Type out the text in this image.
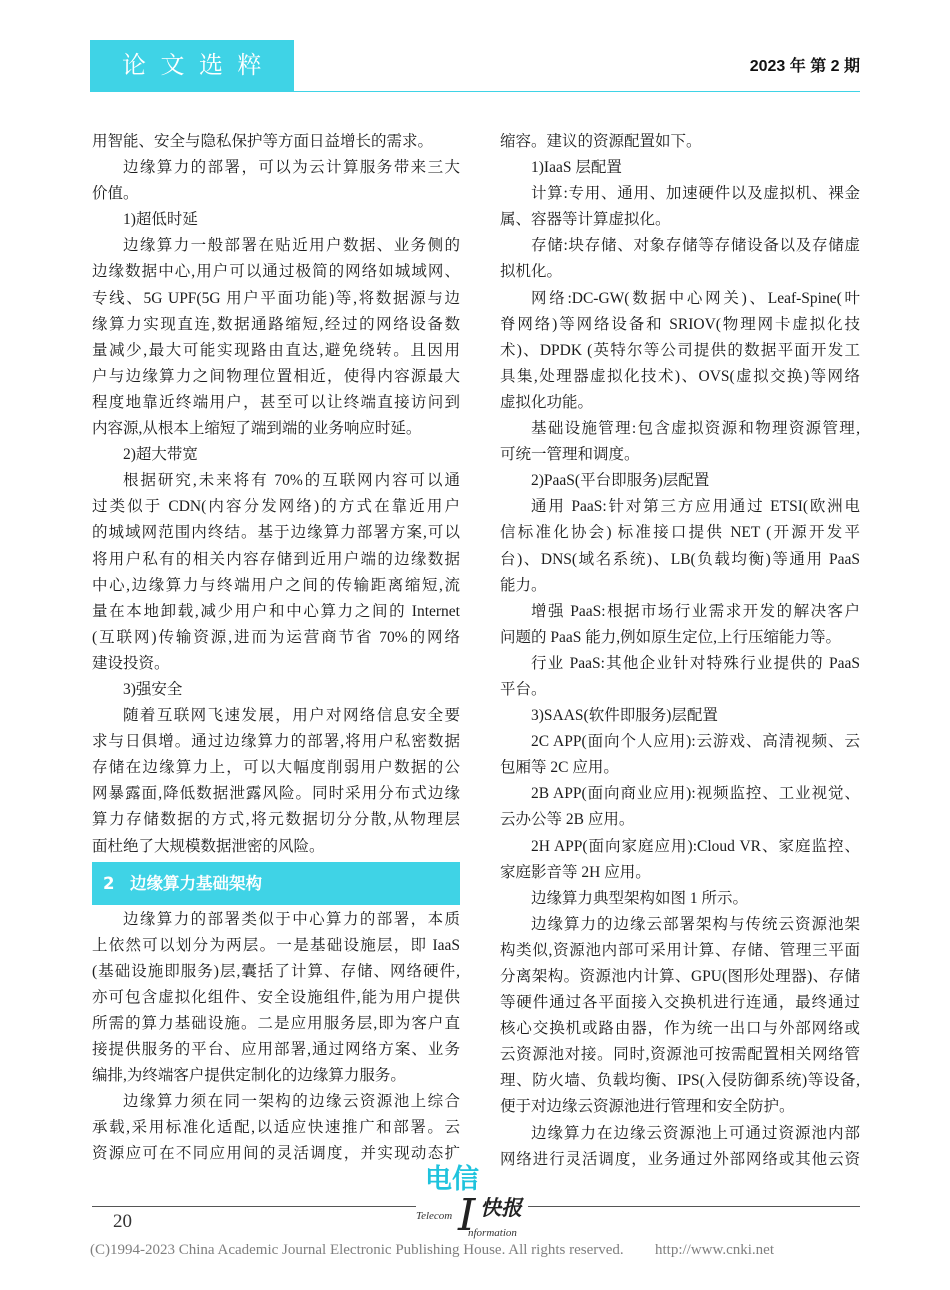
论文选粹	2023 年 第 2 期
用智能、安全与隐私保护等方面日益增长的需求。
边缘算力的部署，可以为云计算服务带来三大
价值。
1)超低时延
边缘算力一般部署在贴近用户数据、业务侧的
边缘数据中心,用户可以通过极简的网络如城域网、
专线、5G UPF(5G 用户平面功能)等,将数据源与边
缘算力实现直连,数据通路缩短,经过的网络设备数
量减少,最大可能实现路由直达,避免绕转。且因用
户与边缘算力之间物理位置相近，使得内容源最大
程度地靠近终端用户，甚至可以让终端直接访问到
内容源,从根本上缩短了端到端的业务响应时延。
2)超大带宽
根据研究,未来将有 70%的互联网内容可以通
过类似于 CDN(内容分发网络)的方式在靠近用户
的城域网范围内终结。基于边缘算力部署方案,可以
将用户私有的相关内容存储到近用户端的边缘数据
中心,边缘算力与终端用户之间的传输距离缩短,流
量在本地卸载,减少用户和中心算力之间的 Internet
(互联网)传输资源,进而为运营商节省 70%的网络
建设投资。
3)强安全
随着互联网飞速发展，用户对网络信息安全要
求与日俱增。通过边缘算力的部署,将用户私密数据
存储在边缘算力上，可以大幅度削弱用户数据的公
网暴露面,降低数据泄露风险。同时采用分布式边缘
算力存储数据的方式,将元数据切分分散,从物理层
面杜绝了大规模数据泄密的风险。
2 边缘算力基础架构
边缘算力的部署类似于中心算力的部署，本质
上依然可以划分为两层。一是基础设施层，即 IaaS
(基础设施即服务)层,囊括了计算、存储、网络硬件,
亦可包含虚拟化组件、安全设施组件,能为用户提供
所需的算力基础设施。二是应用服务层,即为客户直
接提供服务的平台、应用部署,通过网络方案、业务
编排,为终端客户提供定制化的边缘算力服务。
边缘算力须在同一架构的边缘云资源池上综合
承载,采用标准化适配,以适应快速推广和部署。云
资源应可在不同应用间的灵活调度，并实现动态扩
缩容。建议的资源配置如下。
1)IaaS 层配置
计算:专用、通用、加速硬件以及虚拟机、裸金
属、容器等计算虚拟化。
存储:块存储、对象存储等存储设备以及存储虚
拟机化。
网络:DC-GW(数据中心网关)、Leaf-Spine(叶
脊网络)等网络设备和 SRIOV(物理网卡虚拟化技
术)、DPDK (英特尔等公司提供的数据平面开发工
具集,处理器虚拟化技术)、OVS(虚拟交换)等网络
虚拟化功能。
基础设施管理:包含虚拟资源和物理资源管理,
可统一管理和调度。
2)PaaS(平台即服务)层配置
通用 PaaS:针对第三方应用通过 ETSI(欧洲电
信标准化协会) 标准接口提供 NET (开源开发平
台)、DNS(域名系统)、LB(负载均衡)等通用 PaaS
能力。
增强 PaaS:根据市场行业需求开发的解决客户
问题的 PaaS 能力,例如原生定位,上行压缩能力等。
行业 PaaS:其他企业针对特殊行业提供的 PaaS
平台。
3)SAAS(软件即服务)层配置
2C APP(面向个人应用):云游戏、高清视频、云
包厢等 2C 应用。
2B APP(面向商业应用):视频监控、工业视觉、
云办公等 2B 应用。
2H APP(面向家庭应用):Cloud VR、家庭监控、
家庭影音等 2H 应用。
边缘算力典型架构如图 1 所示。
边缘算力的边缘云部署架构与传统云资源池架
构类似,资源池内部可采用计算、存储、管理三平面
分离架构。资源池内计算、GPU(图形处理器)、存储
等硬件通过各平面接入交换机进行连通，最终通过
核心交换机或路由器，作为统一出口与外部网络或
云资源池对接。同时,资源池可按需配置相关网络管
理、防火墙、负载均衡、IPS(入侵防御系统)等设备,
便于对边缘云资源池进行管理和安全防护。
边缘算力在边缘云资源池上可通过资源池内部
网络进行灵活调度，业务通过外部网络或其他云资
20
电信
Telecom I 快报
nformation
(C)1994-2023 China Academic Journal Electronic Publishing House. All rights reserved. http://www.cnki.net
